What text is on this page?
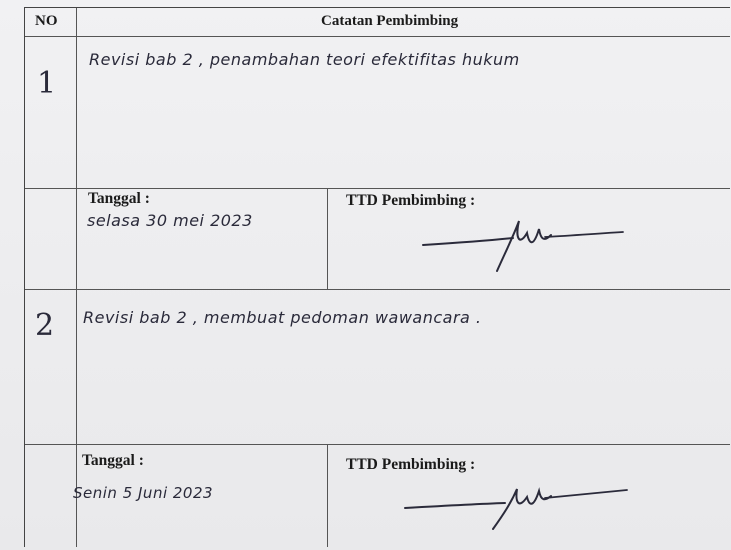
NO	Catatan Pembimbing
1
Revisi bab 2 , penambahan teori efektifitas hukum
Tanggal :
selasa 30 mei 2023
TTD Pembimbing :
2 Revisi bab 2 , membuat pedoman wawancara .
Tanggal :
Senin 5 Juni 2023
TTD Pembimbing :
